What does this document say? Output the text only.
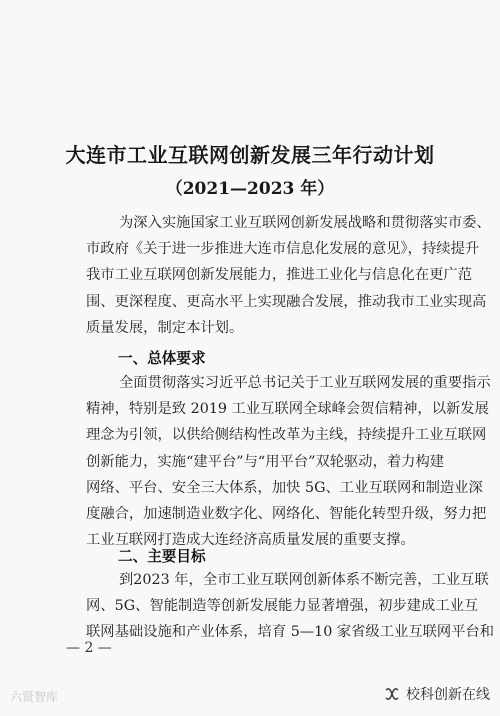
大连市工业互联网创新发展三年行动计划
（2021—2023 年）
为深入实施国家工业互联网创新发展战略和贯彻落实市委、
市政府《关于进一步推进大连市信息化发展的意见》，持续提升
我市工业互联网创新发展能力，推进工业化与信息化在更广范
围、更深程度、更高水平上实现融合发展，推动我市工业实现高
质量发展，制定本计划。
一、总体要求
全面贯彻落实习近平总书记关于工业互联网发展的重要指示
精神，特别是致 2019 工业互联网全球峰会贺信精神，以新发展
理念为引领，以供给侧结构性改革为主线，持续提升工业互联网
创新能力，实施“建平台”与“用平台”双轮驱动，着力构建
网络、平台、安全三大体系，加快 5G、工业互联网和制造业深
度融合，加速制造业数字化、网络化、智能化转型升级，努力把
工业互联网打造成大连经济高质量发展的重要支撑。
二、主要目标
到2023 年，全市工业互联网创新体系不断完善，工业互联
网、5G、智能制造等创新发展能力显著增强，初步建成工业互
联网基础设施和产业体系，培育 5—10 家省级工业互联网平台和
— 2 —
六贤智库	校科创新在线
